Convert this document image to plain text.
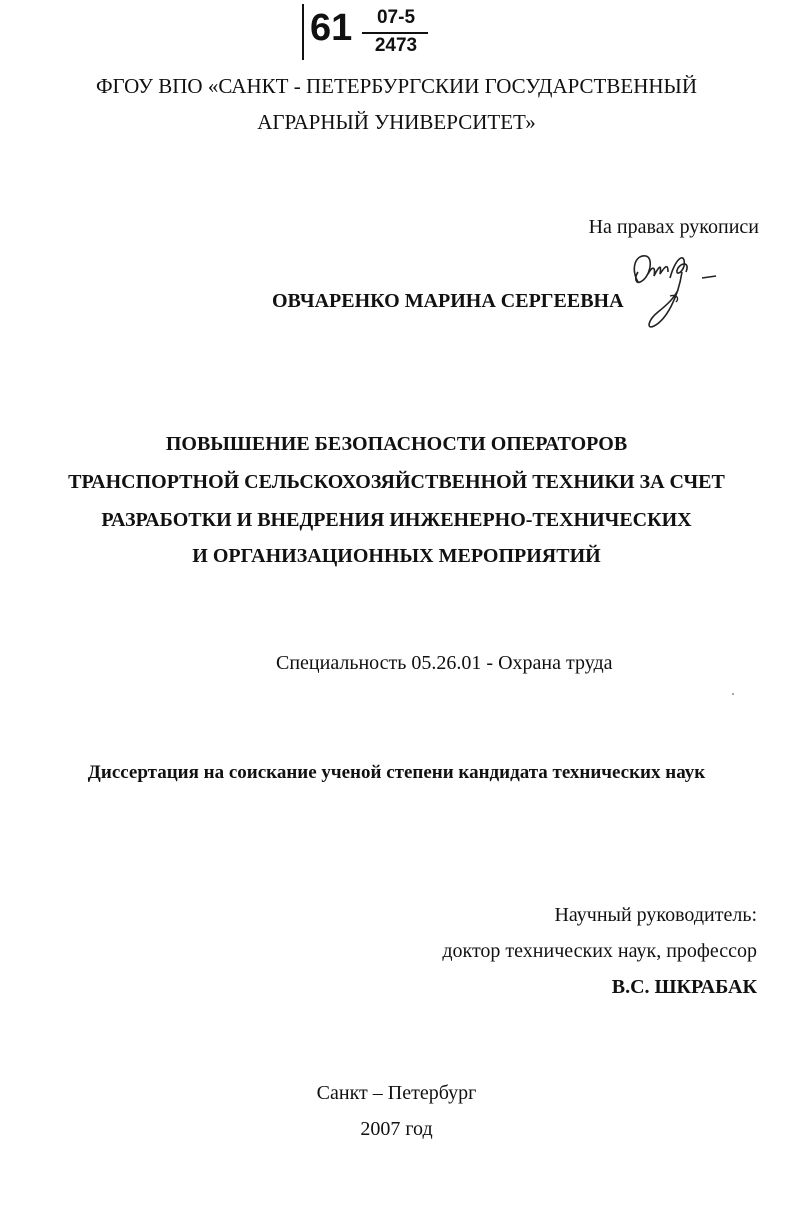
61	07-5
2473
ФГОУ ВПО «САНКТ - ПЕТЕРБУРГСКИИ ГОСУДАРСТВЕННЫЙ
АГРАРНЫЙ УНИВЕРСИТЕТ»
На правах рукописи
ОВЧАРЕНКО МАРИНА СЕРГЕЕВНА
ПОВЫШЕНИЕ БЕЗОПАСНОСТИ ОПЕРАТОРОВ
ТРАНСПОРТНОЙ СЕЛЬСКОХОЗЯЙСТВЕННОЙ ТЕХНИКИ ЗА СЧЕТ
РАЗРАБОТКИ И ВНЕДРЕНИЯ ИНЖЕНЕРНО-ТЕХНИЧЕСКИХ
И ОРГАНИЗАЦИОННЫХ МЕРОПРИЯТИЙ
Специальность 05.26.01 - Охрана труда
Диссертация на соискание ученой степени кандидата технических наук
Научный руководитель:
доктор технических наук, профессор
В.С. ШКРАБАК
Санкт – Петербург
2007 год
